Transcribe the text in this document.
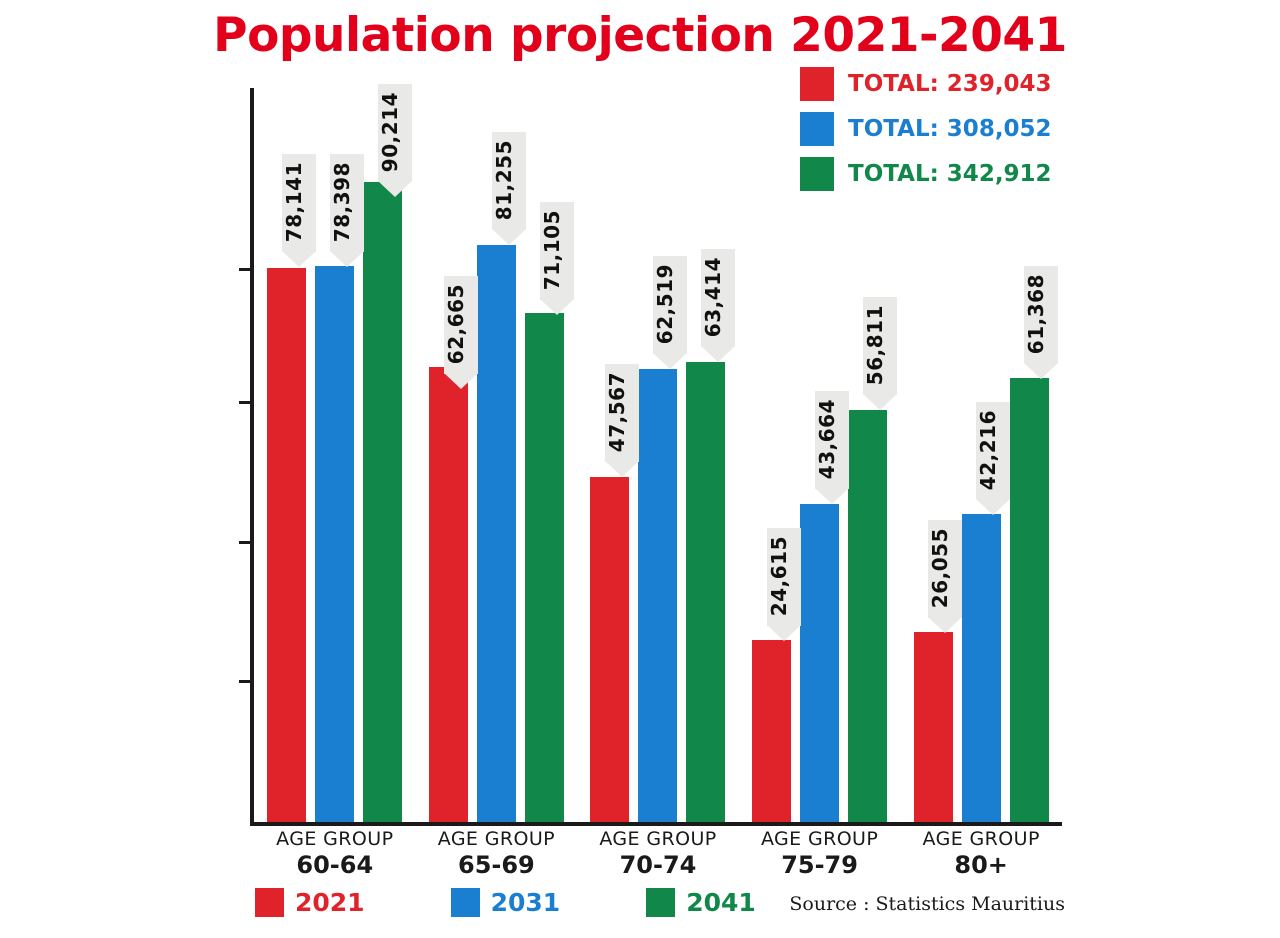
Population projection 2021-2041
TOTAL: 239,043
TOTAL: 308,052
TOTAL: 342,912
78,141 78,398
90,214
62,665
81,255
71,105
47,567
62,519 63,414
24,615
43,664
56,811
26,055
42,216
61,368
AGE GROUP
60-64
AGE GROUP
65-69
AGE GROUP
70-74
AGE GROUP
75-79
AGE GROUP
80+
2021	2031	2041 Source : Statistics Mauritius
